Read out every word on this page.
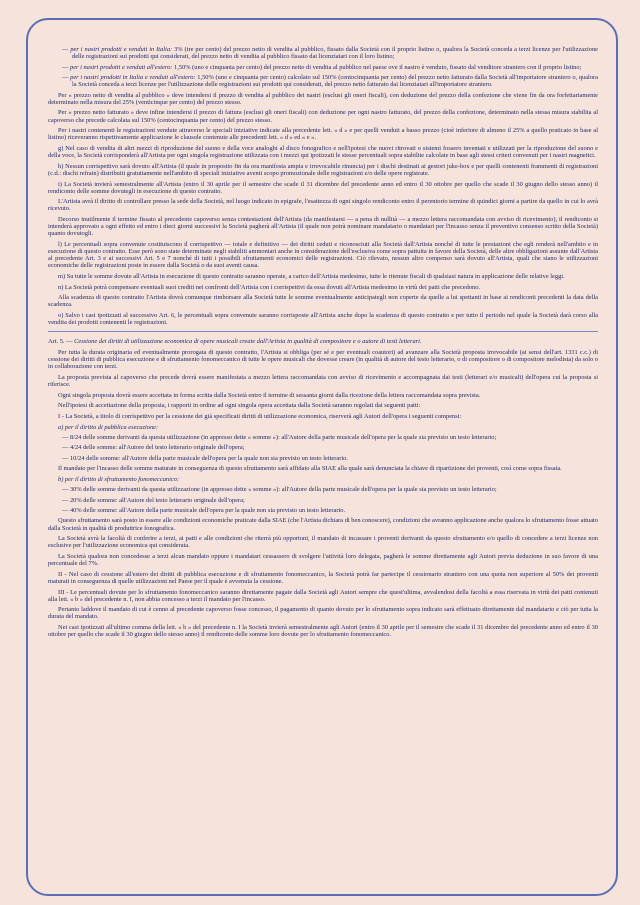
— per i nastri prodotti e venduti in Italia: 3% (tre per cento) del prezzo netto di vendita al pubblico, fissato dalla Società con il proprio listino o, qualora la Società conceda a terzi licenze per l'utilizzazione delle registrazioni sui prodotti qui considerati, del prezzo netto di vendita al pubblico fissato dai licenziatari con il loro listino;

— per i nastri prodotti e venduti all'estero: 1,50% (uno e cinquanta per cento) del prezzo netto di vendita al pubblico nel paese ove il nastro è venduto, fissato dal venditore straniero con il proprio listino;

— per i nastri prodotti in Italia e venduti all'estero: 1,50% (uno e cinquanta per cento) calcolato sul 150% (centocinquanta per cento) del prezzo netto fatturato dalla Società all'importatore straniero o, qualora la Società conceda a terzi licenze per l'utilizzazione delle registrazioni sui prodotti qui considerati, del prezzo netto fatturato dai licenziatari all'importatore straniero.

Per « prezzo netto di vendita al pubblico » deve intendersi il prezzo di vendita al pubblico dei nastri (esclusi gli oneri fiscali), con deduzione del prezzo della confezione che viene fin da ora forfettariamente determinato nella misura del 25% (venticinque per cento) del prezzo stesso.

Per « prezzo netto fatturato » deve infine intendersi il prezzo di fattura (esclusi gli oneri fiscali) con deduzione per ogni nastro fatturato, del prezzo della confezione, determinato nella stessa misura stabilita al capoverso che precede calcolata sul 150% (centocinquanta per cento) del prezzo stesso.

Per i nastri contenenti le registrazioni vendute attraverso le speciali iniziative indicate alla precedente lett. « d » e per quelli venduti a basso prezzo (cioè inferiore di almeno il 25% a quello praticato in base al listino) riceveranno rispettivamente applicazione le clausole contenute alle precedenti lett. « d » ed « e ».

g) Nel caso di vendita di altri mezzi di riproduzione del suono e della voce analoghi al disco fonografico e nell'ipotesi che nuovi ritrovati o sistemi fossero inventati e utilizzati per la riproduzione del suono e della voce, la Società corrisponderà all'Artista per ogni singola registrazione utilizzata con i mezzi qui ipotizzati le stesse percentuali sopra stabilite calcolate in base agli stessi criteri convenuti per i nastri magnetici.

h) Nessun corrispettivo sarà dovuto all'Artista (il quale in proposito fin da ora manifesta ampia e irrevocabile rinuncia) per i dischi destinati ai gestori juke-box e per quelli contenenti frammenti di registrazioni (c.d.: dischi refrain) distribuiti gratuitamente nell'ambito di speciali iniziative aventi scopo promozionale delle registrazioni e/o delle opere registrate.

i) La Società invierà semestralmente all'Artista (entro il 30 aprile per il semestre che scade il 31 dicembre del precedente anno ed entro il 30 ottobre per quello che scade il 30 giugno dello stesso anno) il rendiconto delle somme dovutegli in esecuzione di questo contratto.

L'Artista avrà il diritto di controllare presso la sede della Società, nel luogo indicato in epigrafe, l'esattezza di ogni singolo rendiconto entro il perentorio termine di quindici giorni a partire da quello in cui lo avrà ricevuto.

Decorso inutilmente il termine fissato al precedente capoverso senza contestazioni dell'Artista (da manifestarsi — a pena di nullità — a mezzo lettera raccomandata con avviso di ricevimento), il rendiconto si intenderà approvato a ogni effetto ed entro i dieci giorni successivi la Società pagherà all'Artista (il quale non potrà nominare mandatario o mandatari per l'incasso senza il preventivo consenso scritto della Società) quanto dovutogli.

l) Le percentuali sopra convenute costituiscono il corrispettivo — totale e definitivo — dei diritti ceduti e riconosciuti alla Società dall'Artista nonché di tutte le prestazioni che egli renderà nell'ambito e in esecuzione di questo contratto. Esse però sono state determinate negli stabiliti ammontari anche in considerazione dell'esclusiva come sopra pattuita in favore della Società, delle altre obbligazioni assunte dall'Artista al precedente Art. 3 e ai successivi Art. 5 e 7 nonché di tutti i possibili sfruttamenti economici delle registrazioni. Ciò rilevato, nessun altro compenso sarà dovuto all'Artista, quali che siano le utilizzazioni economiche delle registrazioni poste in essere dalla Società o da suoi aventi causa.

m) Su tutte le somme dovute all'Artista in esecuzione di questo contratto saranno operate, a carico dell'Artista medesimo, tutte le ritenute fiscali di qualsiasi natura in applicazione delle relative leggi.

n) La Società potrà compensare eventuali suoi crediti nei confronti dell'Artista con i corrispettivi da essa dovuti all'Artista medesimo in virtù dei patti che precedono.

Alla scadenza di questo contratto l'Artista dovrà comunque rimborsare alla Società tutte le somme eventualmente anticipategli non coperte da quelle a lui spettanti in base ai rendiconti precedenti la data della scadenza.

o) Salvo i casi ipotizzati al successivo Art. 6, le percentuali sopra convenute saranno corrisposte all'Artista anche dopo la scadenza di questo contratto e per tutto il periodo nel quale la Società darà corso alla vendita dei prodotti contenenti le registrazioni.

Art. 5. — Cessione dei diritti di utilizzazione economica di opere musicali create dall'Artista in qualità di compositore e o autore di testi letterari.

Per tutta la durata originaria ed eventualmente prorogata di questo contratto, l'Artista si obbliga (per sé e per eventuali coautori) ad avanzare alla Società proposta irrevocabile (ai sensi dell'art. 1331 c.c.) di cessione dei diritti di pubblica esecuzione e di sfruttamento fonomeccanico di tutte le opere musicali che dovesse creare (in qualità di autore del testo letterario, o di compositore o di compositore melodista) da solo o in collaborazione con terzi.

La proposta prevista al capoverso che precede dovrà essere manifestata a mezzo lettera raccomandata con avviso di ricevimento e accompagnata dai testi (letterari e/o musicali) dell'opera cui la proposta si riferisce.

Ogni singola proposta dovrà essere accettata in forma scritta dalla Società entro il termine di sessanta giorni dalla ricezione della lettera raccomandata sopra prevista.

Nell'ipotesi di accettazione della proposta, i rapporti in ordine ad ogni singola opera accettata dalla Società saranno regolati dai seguenti patti:

I - La Società, a titolo di corrispettivo per la cessione dei già specificati diritti di utilizzazione economica, riserverà agli Autori dell'opera i seguenti compensi:

a) per il diritto di pubblica esecuzione:

— 8/24 delle somme derivanti da questa utilizzazione (in appresso dette « somme »): all'Autore della parte musicale dell'opera per la quale sia previsto un testo letterario;

— 4/24 delle somme: all'Autore del testo letterario originale dell'opera;

— 10/24 delle somme: all'Autore della parte musicale dell'opera per la quale non sia previsto un testo letterario.

Il mandato per l'incasso delle somme maturate in conseguenza di questo sfruttamento sarà affidato alla SIAE alla quale sarà denunciata la chiave di ripartizione dei proventi, così come sopra fissata.

b) per il diritto di sfruttamento fonomeccanico:

— 30% delle somme derivanti da questa utilizzazione (in appresso dette « somme »): all'Autore della parte musicale dell'opera per la quale sia previsto un testo letterario;

— 20% delle somme: all'Autore del testo letterario originale dell'opera;

— 40% delle somme: all'Autore della parte musicale dell'opera per la quale non sia previsto un testo letterario.

Questo sfruttamento sarà posto in essere alle condizioni economiche praticate dalla SIAE (che l'Artista dichiara di ben conoscere), condizioni che avranno applicazione anche qualora lo sfruttamento fosse attuato dalla Società in qualità di produttrice fonografica.

La Società avrà la facoltà di conferire a terzi, ai patti e alle condizioni che riterrà più opportuni, il mandato di incassare i proventi derivanti da questo sfruttamento e/o quello di concedere a terzi licenze non esclusive per l'utilizzazione economica qui considerata.

La Società qualora non concedesse a terzi alcun mandato oppure i mandatari cessassero di svolgere l'attività loro delegata, pagherà le somme direttamente agli Autori previa deduzione in suo favore di una percentuale del 7%.

II - Nel caso di cessione all'estero dei diritti di pubblica esecuzione e di sfruttamento fonomeccanico, la Società potrà far partecipe il cessionario straniero con una quota non superiore al 50% dei proventi maturati in conseguenza di quelle utilizzazioni nel Paese per il quale è avvenuta la cessione.

III - Le percentuali dovute per lo sfruttamento fonomeccanico saranno direttamente pagate dalla Società agli Autori sempre che quest'ultima, avvalendosi della facoltà a essa riservata in virtù dei patti contenuti alla lett. « b » del precedente n. I, non abbia concesso a terzi il mandato per l'incasso.

Pertanto laddove il mandato di cui è cenno al precedente capoverso fosse concesso, il pagamento di quanto dovuto per lo sfruttamento sopra indicato sarà effettuato direttamente dal mandatario e ciò per tutta la durata del mandato.

Nei casi ipotizzati all'ultimo comma della lett. « b » del precedente n. I la Società invierà semestralmente agli Autori (entro il 30 aprile per il semestre che scade il 31 dicembre del precedente anno ed entro il 30 ottobre per quello che scade il 30 giugno dello stesso anno) il rendiconto delle somme loro dovute per lo sfruttamento fonomeccanico.
